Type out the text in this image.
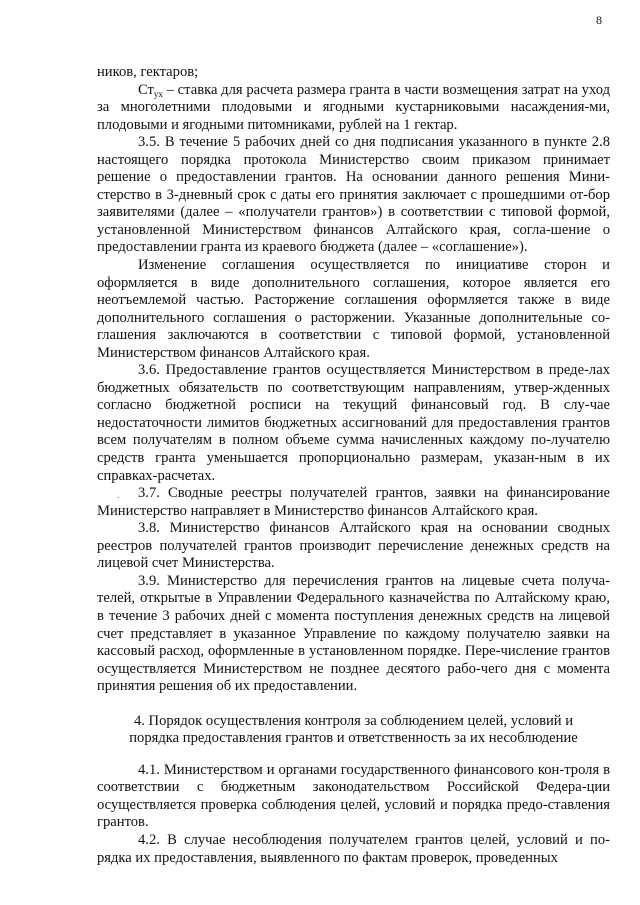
8

ников, гектаров;

$Ст_{ух}$ – ставка для расчета размера гранта в части возмещения затрат на уход за многолетними плодовыми и ягодными кустарниковыми насаждения-ми, плодовыми и ягодными питомниками, рублей на 1 гектар.

3.5. В течение 5 рабочих дней со дня подписания указанного в пункте 2.8 настоящего порядка протокола Министерство своим приказом принимает решение о предоставлении грантов. На основании данного решения Мини-стерство в 3-дневный срок с даты его принятия заключает с прошедшими от-бор заявителями (далее – «получатели грантов») в соответствии с типовой формой, установленной Министерством финансов Алтайского края, согла-шение о предоставлении гранта из краевого бюджета (далее – «соглашение»).

Изменение соглашения осуществляется по инициативе сторон и оформляется в виде дополнительного соглашения, которое является его неотъемлемой частью. Расторжение соглашения оформляется также в виде дополнительного соглашения о расторжении. Указанные дополнительные со-глашения заключаются в соответствии с типовой формой, установленной Министерством финансов Алтайского края.

3.6. Предоставление грантов осуществляется Министерством в преде-лах бюджетных обязательств по соответствующим направлениям, утвер-жденных согласно бюджетной росписи на текущий финансовый год. В слу-чае недостаточности лимитов бюджетных ассигнований для предоставления грантов всем получателям в полном объеме сумма начисленных каждому по-лучателю средств гранта уменьшается пропорционально размерам, указан-ным в их справках-расчетах.

3.7. Сводные реестры получателей грантов, заявки на финансирование Министерство направляет в Министерство финансов Алтайского края.

3.8. Министерство финансов Алтайского края на основании сводных реестров получателей грантов производит перечисление денежных средств на лицевой счет Министерства.

3.9. Министерство для перечисления грантов на лицевые счета получа-телей, открытые в Управлении Федерального казначейства по Алтайскому краю, в течение 3 рабочих дней с момента поступления денежных средств на лицевой счет представляет в указанное Управление по каждому получателю заявки на кассовый расход, оформленные в установленном порядке. Пере-числение грантов осуществляется Министерством не позднее десятого рабо-чего дня с момента принятия решения об их предоставлении.

4. Порядок осуществления контроля за соблюдением целей, условий и
порядка предоставления грантов и ответственность за их несоблюдение

4.1. Министерством и органами государственного финансового кон-троля в соответствии с бюджетным законодательством Российской Федера-ции осуществляется проверка соблюдения целей, условий и порядка предо-ставления грантов.

4.2. В случае несоблюдения получателем грантов целей, условий и по-рядка их предоставления, выявленного по фактам проверок, проведенных

.
